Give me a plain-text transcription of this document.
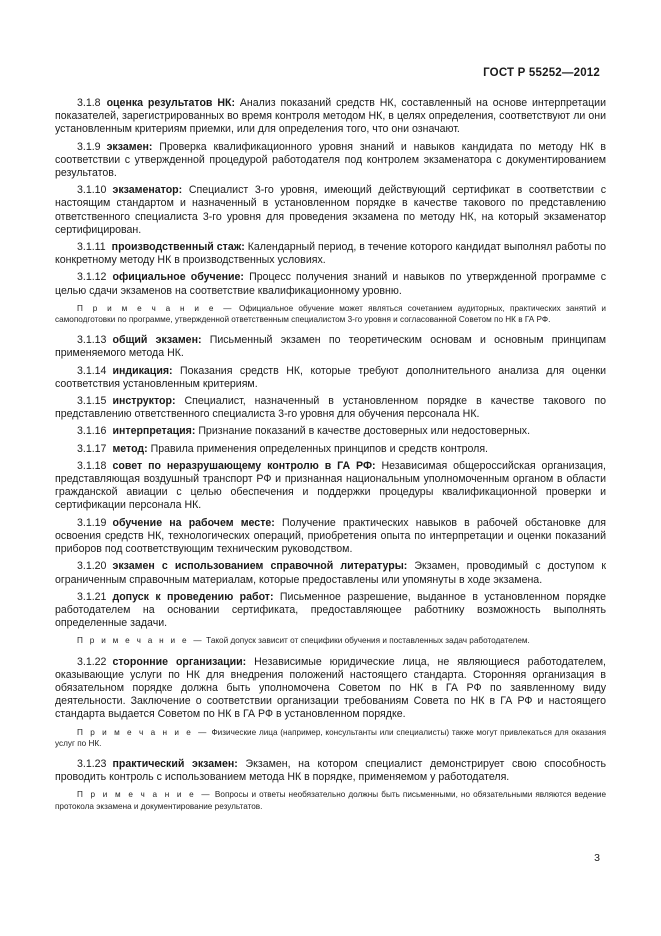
ГОСТ Р 55252—2012

3.1.8 оценка результатов НК: Анализ показаний средств НК, составленный на основе интерпретации показателей, зарегистрированных во время контроля методом НК, в целях определения, соответствуют ли они установленным критериям приемки, или для определения того, что они означают.

3.1.9 экзамен: Проверка квалификационного уровня знаний и навыков кандидата по методу НК в соответствии с утвержденной процедурой работодателя под контролем экзаменатора с документированием результатов.

3.1.10 экзаменатор: Специалист 3-го уровня, имеющий действующий сертификат в соответствии с настоящим стандартом и назначенный в установленном порядке в качестве такового по представлению ответственного специалиста 3-го уровня для проведения экзамена по методу НК, на который экзаменатор сертифицирован.

3.1.11 производственный стаж: Календарный период, в течение которого кандидат выполнял работы по конкретному методу НК в производственных условиях.

3.1.12 официальное обучение: Процесс получения знаний и навыков по утвержденной программе с целью сдачи экзаменов на соответствие квалификационному уровню.

П р и м е ч а н и е — Официальное обучение может являться сочетанием аудиторных, практических занятий и самоподготовки по программе, утвержденной ответственным специалистом 3-го уровня и согласованной Советом по НК в ГА РФ.

3.1.13 общий экзамен: Письменный экзамен по теоретическим основам и основным принципам применяемого метода НК.

3.1.14 индикация: Показания средств НК, которые требуют дополнительного анализа для оценки соответствия установленным критериям.

3.1.15 инструктор: Специалист, назначенный в установленном порядке в качестве такового по представлению ответственного специалиста 3-го уровня для обучения персонала НК.

3.1.16 интерпретация: Признание показаний в качестве достоверных или недостоверных.

3.1.17 метод: Правила применения определенных принципов и средств контроля.

3.1.18 совет по неразрушающему контролю в ГА РФ: Независимая общероссийская организация, представляющая воздушный транспорт РФ и признанная национальным уполномоченным органом в области гражданской авиации с целью обеспечения и поддержки процедуры квалификационной проверки и сертификации персонала НК.

3.1.19 обучение на рабочем месте: Получение практических навыков в рабочей обстановке для освоения средств НК, технологических операций, приобретения опыта по интерпретации и оценки показаний приборов под соответствующим техническим руководством.

3.1.20 экзамен с использованием справочной литературы: Экзамен, проводимый с доступом к ограниченным справочным материалам, которые предоставлены или упомянуты в ходе экзамена.

3.1.21 допуск к проведению работ: Письменное разрешение, выданное в установленном порядке работодателем на основании сертификата, предоставляющее работнику возможность выполнять определенные задачи.

П р и м е ч а н и е — Такой допуск зависит от специфики обучения и поставленных задач работодателем.

3.1.22 сторонние организации: Независимые юридические лица, не являющиеся работодателем, оказывающие услуги по НК для внедрения положений настоящего стандарта. Сторонняя организация в обязательном порядке должна быть уполномочена Советом по НК в ГА РФ по заявленному виду деятельности. Заключение о соответствии организации требованиям Совета по НК в ГА РФ и настоящего стандарта выдается Советом по НК в ГА РФ в установленном порядке.

П р и м е ч а н и е — Физические лица (например, консультанты или специалисты) также могут привлекаться для оказания услуг по НК.

3.1.23 практический экзамен: Экзамен, на котором специалист демонстрирует свою способность проводить контроль с использованием метода НК в порядке, применяемом у работодателя.

П р и м е ч а н и е — Вопросы и ответы необязательно должны быть письменными, но обязательными являются ведение протокола экзамена и документирование результатов.

3
